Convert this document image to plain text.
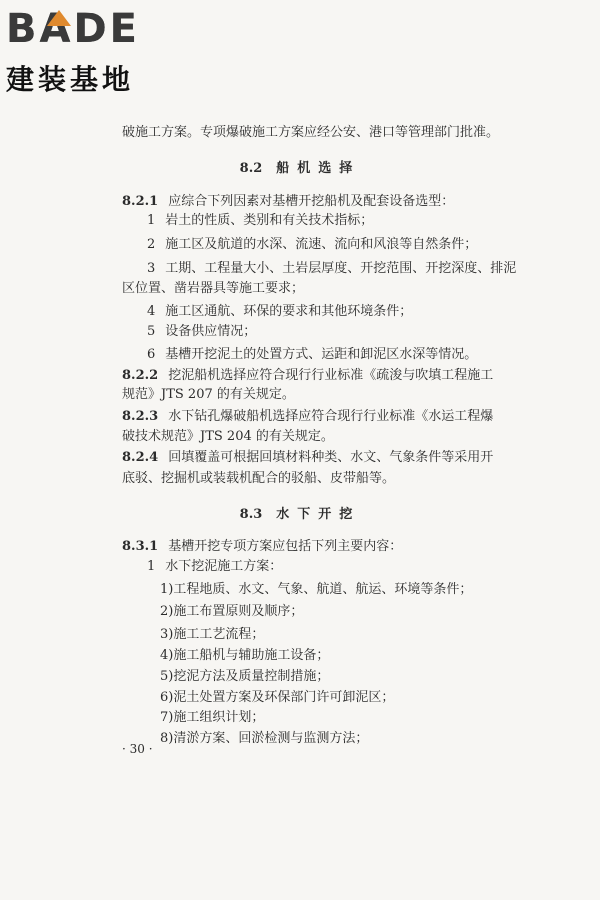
BADE
建装基地
破施工方案。专项爆破施工方案应经公安、港口等管理部门批准。
8.2 船机选择
8.2.1 应综合下列因素对基槽开挖船机及配套设备选型：
1 岩土的性质、类别和有关技术指标；
2 施工区及航道的水深、流速、流向和风浪等自然条件；
3 工期、工程量大小、土岩层厚度、开挖范围、开挖深度、排泥
区位置、凿岩器具等施工要求；
4 施工区通航、环保的要求和其他环境条件；
5 设备供应情况；
6 基槽开挖泥土的处置方式、运距和卸泥区水深等情况。
8.2.2 挖泥船机选择应符合现行行业标准《疏浚与吹填工程施工
规范》JTS 207 的有关规定。
8.2.3 水下钻孔爆破船机选择应符合现行行业标准《水运工程爆
破技术规范》JTS 204 的有关规定。
8.2.4 回填覆盖可根据回填材料种类、水文、气象条件等采用开
底驳、挖掘机或装载机配合的驳船、皮带船等。
8.3 水下开挖
8.3.1 基槽开挖专项方案应包括下列主要内容：
1 水下挖泥施工方案：
1)工程地质、水文、气象、航道、航运、环境等条件；
2)施工布置原则及顺序；
3)施工工艺流程；
4)施工船机与辅助施工设备；
5)挖泥方法及质量控制措施；
6)泥土处置方案及环保部门许可卸泥区；
7)施工组织计划；
8)清淤方案、回淤检测与监测方法；
· 30 ·
